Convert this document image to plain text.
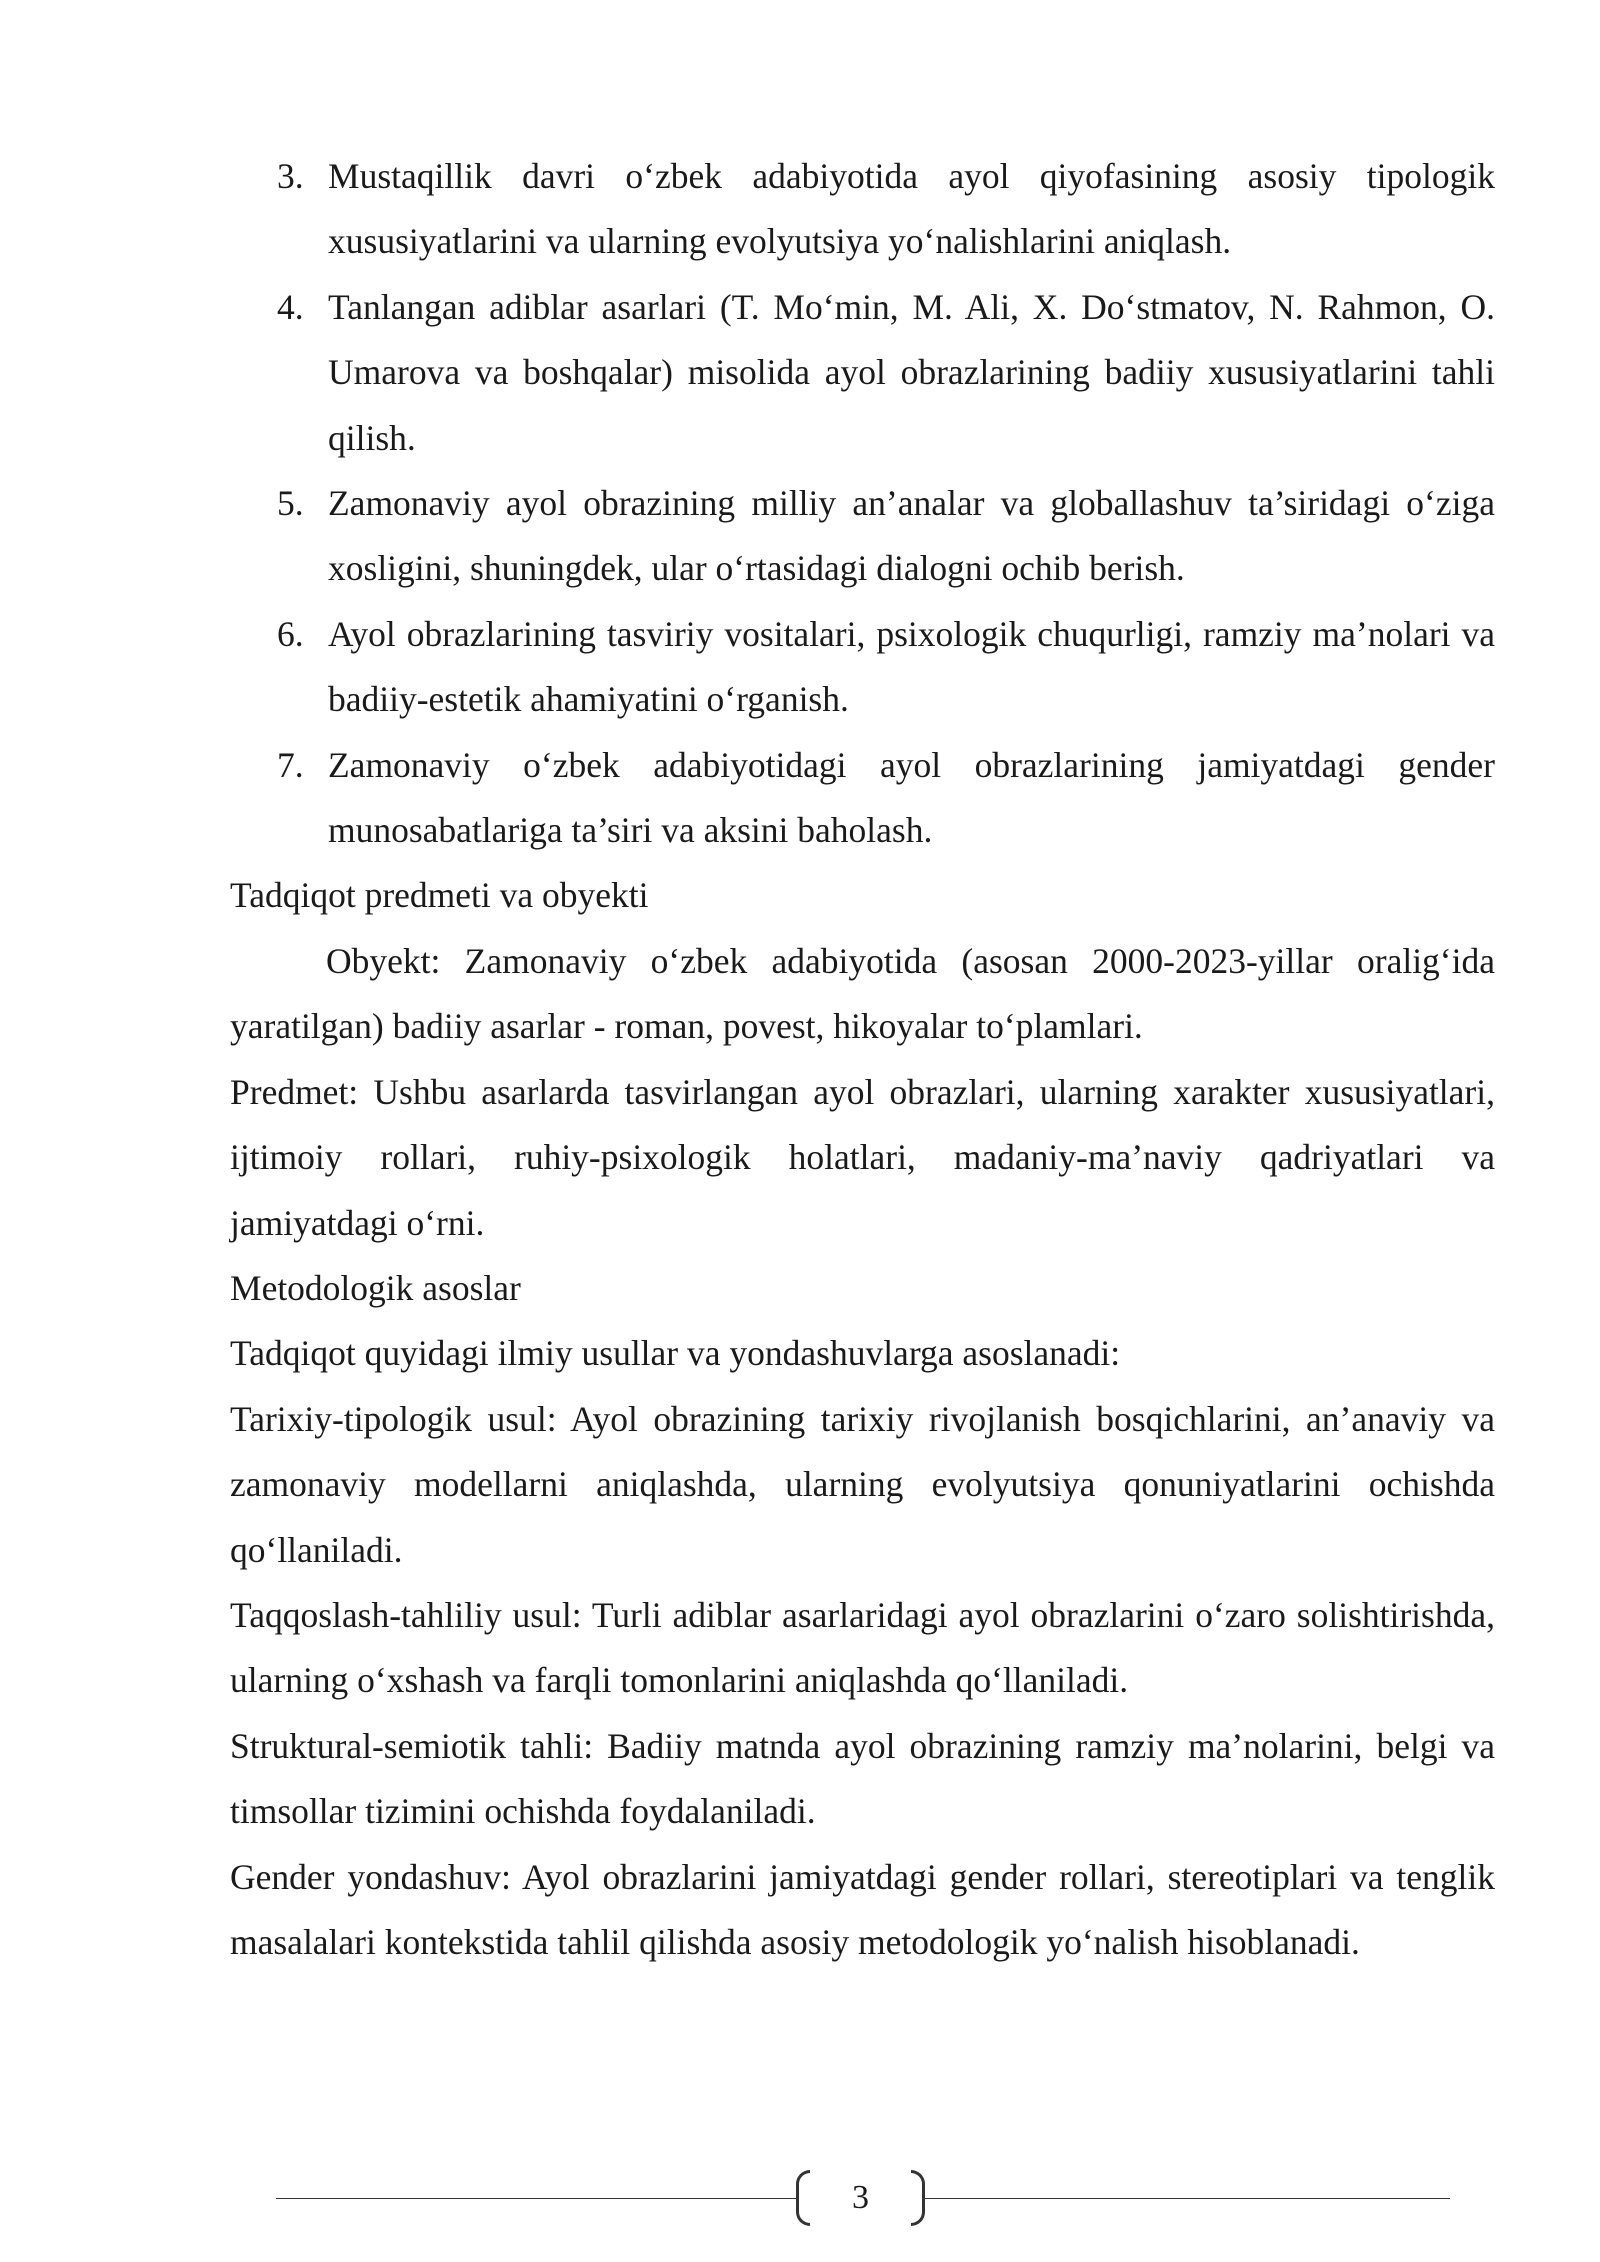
3. Mustaqillik davri o‘zbek adabiyotida ayol qiyofasining asosiy tipologik xususiyatlarini va ularning evolyutsiya yo‘nalishlarini aniqlash.
4. Tanlangan adiblar asarlari (T. Mo‘min, M. Ali, X. Do‘stmatov, N. Rahmon, O. Umarova va boshqalar) misolida ayol obrazlarining badiiy xususiyatlarini tahli qilish.
5. Zamonaviy ayol obrazining milliy an’analar va globallashuv ta’siridagi o‘ziga xosligini, shuningdek, ular o‘rtasidagi dialogni ochib berish.
6. Ayol obrazlarining tasviriy vositalari, psixologik chuqurligi, ramziy ma’nolari va badiiy-estetik ahamiyatini o‘rganish.
7. Zamonaviy o‘zbek adabiyotidagi ayol obrazlarining jamiyatdagi gender munosabatlariga ta’siri va aksini baholash.

Tadqiqot predmeti va obyekti

Obyekt: Zamonaviy o‘zbek adabiyotida (asosan 2000-2023-yillar oralig‘ida yaratilgan) badiiy asarlar - roman, povest, hikoyalar to‘plamlari.

Predmet: Ushbu asarlarda tasvirlangan ayol obrazlari, ularning xarakter xususiyatlari, ijtimoiy rollari, ruhiy-psixologik holatlari, madaniy-ma’naviy qadriyatlari va jamiyatdagi o‘rni.

Metodologik asoslar

Tadqiqot quyidagi ilmiy usullar va yondashuvlarga asoslanadi:

Tarixiy-tipologik usul: Ayol obrazining tarixiy rivojlanish bosqichlarini, an’anaviy va zamonaviy modellarni aniqlashda, ularning evolyutsiya qonuniyatlarini ochishda qo‘llaniladi.

Taqqoslash-tahliliy usul: Turli adiblar asarlaridagi ayol obrazlarini o‘zaro solishtirishda, ularning o‘xshash va farqli tomonlarini aniqlashda qo‘llaniladi.

Struktural-semiotik tahli: Badiiy matnda ayol obrazining ramziy ma’nolarini, belgi va timsollar tizimini ochishda foydalaniladi.

Gender yondashuv: Ayol obrazlarini jamiyatdagi gender rollari, stereotiplari va tenglik masalalari kontekstida tahlil qilishda asosiy metodologik yo‘nalish hisoblanadi.

3
